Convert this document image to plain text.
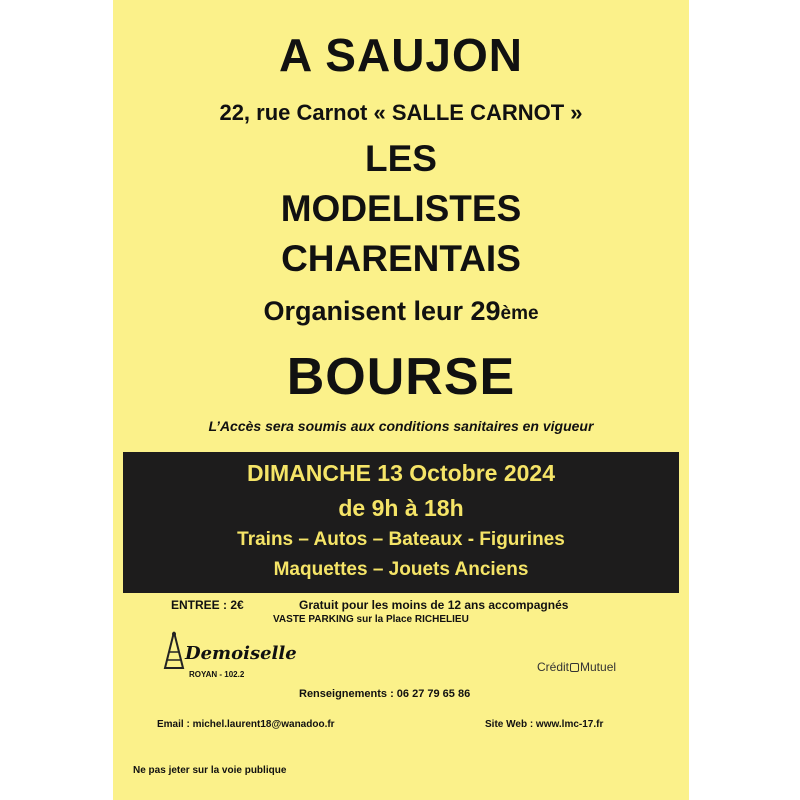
A SAUJON
22, rue Carnot « SALLE CARNOT »
LES
MODELISTES
CHARENTAIS
Organisent leur 29ème
BOURSE
L’Accès sera soumis aux conditions sanitaires en vigueur
DIMANCHE 13 Octobre 2024
de 9h à 18h
Trains – Autos – Bateaux - Figurines
Maquettes – Jouets Anciens
ENTREE : 2€	Gratuit pour les moins de 12 ans accompagnés
VASTE PARKING sur la Place RICHELIEU
Demoiselle
ROYAN - 102.2
Crédit Mutuel
Renseignements : 06 27 79 65 86
Email : michel.laurent18@wanadoo.fr	Site Web : www.lmc-17.fr
Ne pas jeter sur la voie publique
